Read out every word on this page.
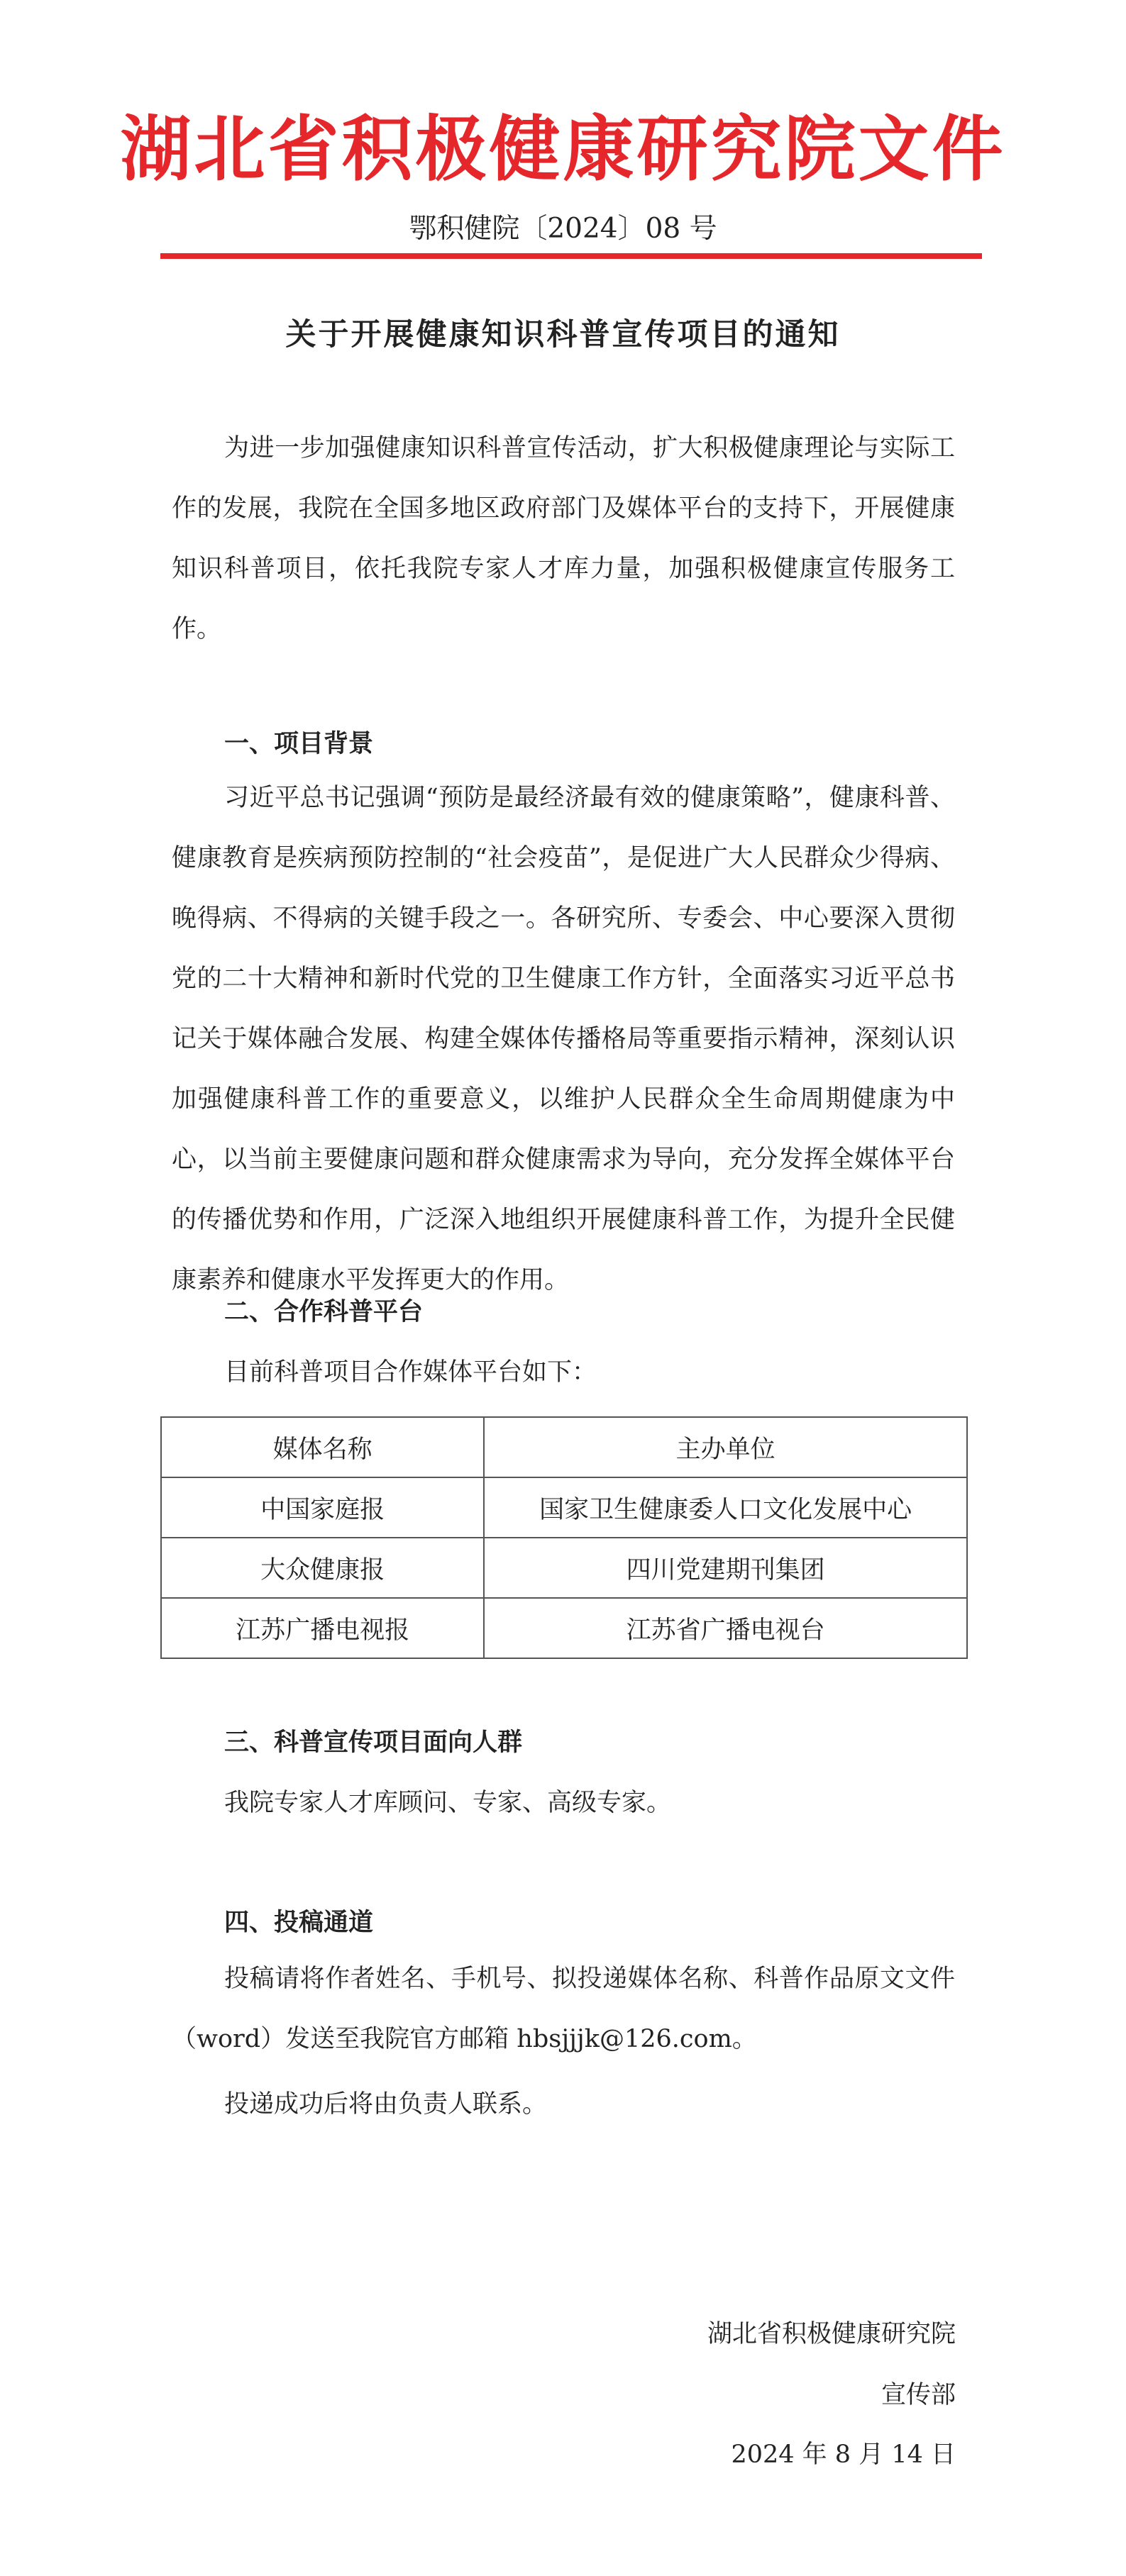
湖北省积极健康研究院文件
鄂积健院〔2024〕08 号
关于开展健康知识科普宣传项目的通知

为进一步加强健康知识科普宣传活动，扩大积极健康理论与实际工作的发展，我院在全国多地区政府部门及媒体平台的支持下，开展健康知识科普项目，依托我院专家人才库力量，加强积极健康宣传服务工作。

一、项目背景

习近平总书记强调“预防是最经济最有效的健康策略”，健康科普、健康教育是疾病预防控制的“社会疫苗”，是促进广大人民群众少得病、晚得病、不得病的关键手段之一。各研究所、专委会、中心要深入贯彻党的二十大精神和新时代党的卫生健康工作方针，全面落实习近平总书记关于媒体融合发展、构建全媒体传播格局等重要指示精神，深刻认识加强健康科普工作的重要意义，以维护人民群众全生命周期健康为中心，以当前主要健康问题和群众健康需求为导向，充分发挥全媒体平台的传播优势和作用，广泛深入地组织开展健康科普工作，为提升全民健康素养和健康水平发挥更大的作用。

二、合作科普平台
目前科普项目合作媒体平台如下：
媒体名称	主办单位
中国家庭报	国家卫生健康委人口文化发展中心
大众健康报	四川党建期刊集团
江苏广播电视报	江苏省广播电视台
三、科普宣传项目面向人群
我院专家人才库顾问、专家、高级专家。
四、投稿通道

投稿请将作者姓名、手机号、拟投递媒体名称、科普作品原文文件（word）发送至我院官方邮箱 hbsjjjk@126.com。

投递成功后将由负责人联系。
湖北省积极健康研究院
宣传部
2024 年 8 月 14 日
